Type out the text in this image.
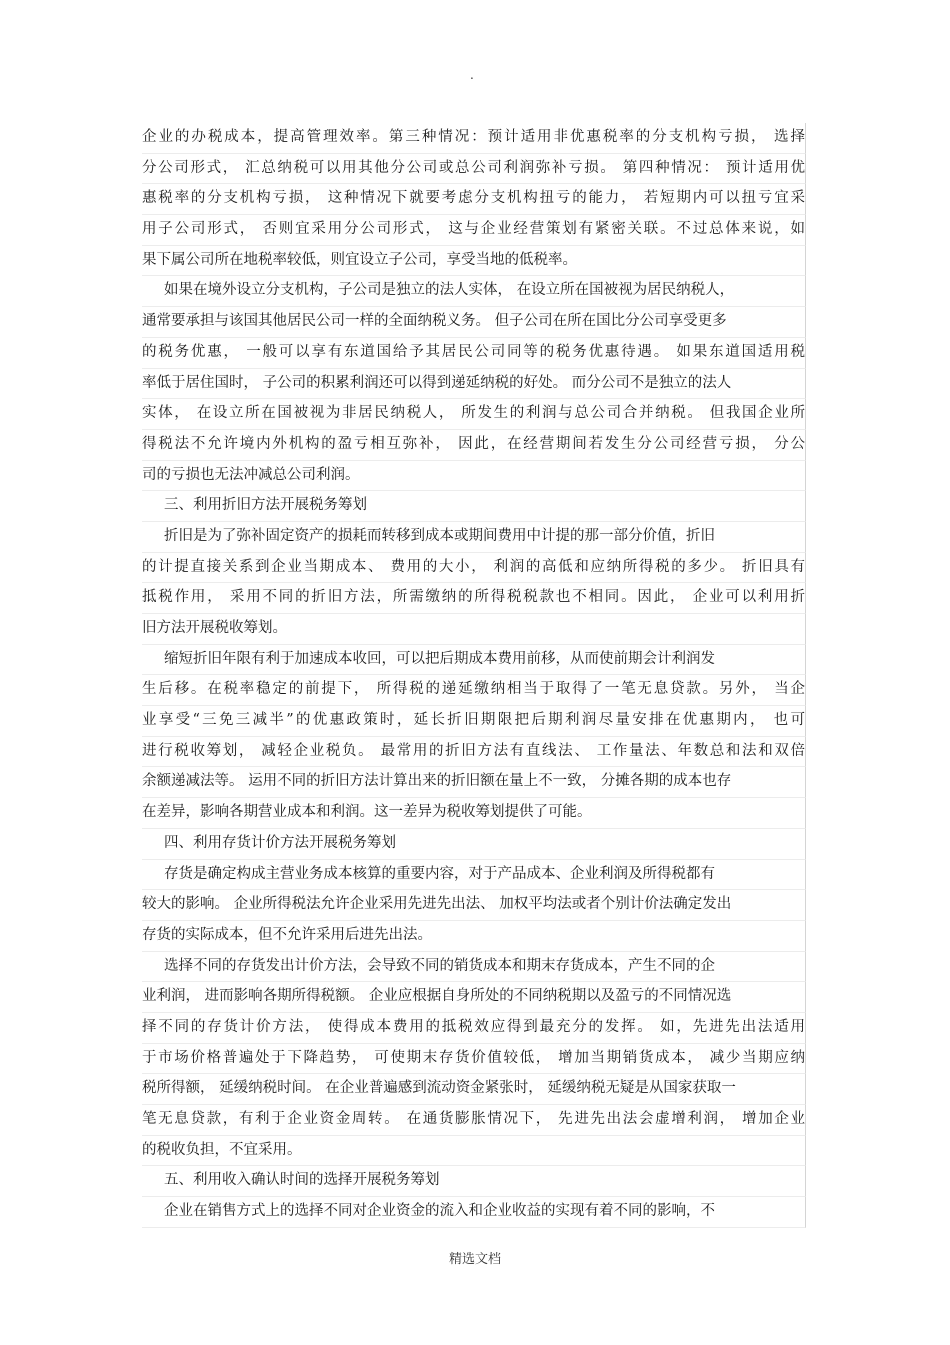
.
企业的办税成本，提高管理效率。第三种情况：预计适用非优惠税率的分支机构亏损， 选择
分公司形式， 汇总纳税可以用其他分公司或总公司利润弥补亏损。 第四种情况： 预计适用优
惠税率的分支机构亏损， 这种情况下就要考虑分支机构扭亏的能力， 若短期内可以扭亏宜采
用子公司形式， 否则宜采用分公司形式， 这与企业经营策划有紧密关联。不过总体来说，如
果下属公司所在地税率较低，则宜设立子公司，享受当地的低税率。
如果在境外设立分支机构，子公司是独立的法人实体， 在设立所在国被视为居民纳税人，
通常要承担与该国其他居民公司一样的全面纳税义务。 但子公司在所在国比分公司享受更多
的税务优惠， 一般可以享有东道国给予其居民公司同等的税务优惠待遇。 如果东道国适用税
率低于居住国时， 子公司的积累利润还可以得到递延纳税的好处。 而分公司不是独立的法人
实体， 在设立所在国被视为非居民纳税人， 所发生的利润与总公司合并纳税。 但我国企业所
得税法不允许境内外机构的盈亏相互弥补， 因此，在经营期间若发生分公司经营亏损， 分公
司的亏损也无法冲减总公司利润。
三、利用折旧方法开展税务筹划
折旧是为了弥补固定资产的损耗而转移到成本或期间费用中计提的那一部分价值，折旧
的计提直接关系到企业当期成本、 费用的大小， 利润的高低和应纳所得税的多少。 折旧具有
抵税作用， 采用不同的折旧方法，所需缴纳的所得税税款也不相同。因此， 企业可以利用折
旧方法开展税收筹划。
缩短折旧年限有利于加速成本收回，可以把后期成本费用前移，从而使前期会计利润发
生后移。在税率稳定的前提下， 所得税的递延缴纳相当于取得了一笔无息贷款。另外， 当企
业享受“三免三减半”的优惠政策时，延长折旧期限把后期利润尽量安排在优惠期内， 也可
进行税收筹划， 减轻企业税负。 最常用的折旧方法有直线法、 工作量法、年数总和法和双倍
余额递减法等。 运用不同的折旧方法计算出来的折旧额在量上不一致， 分摊各期的成本也存
在差异，影响各期营业成本和利润。这一差异为税收筹划提供了可能。
四、利用存货计价方法开展税务筹划
存货是确定构成主营业务成本核算的重要内容，对于产品成本、企业利润及所得税都有
较大的影响。 企业所得税法允许企业采用先进先出法、 加权平均法或者个别计价法确定发出
存货的实际成本，但不允许采用后进先出法。
选择不同的存货发出计价方法，会导致不同的销货成本和期末存货成本，产生不同的企
业利润， 进而影响各期所得税额。 企业应根据自身所处的不同纳税期以及盈亏的不同情况选
择不同的存货计价方法， 使得成本费用的抵税效应得到最充分的发挥。 如，先进先出法适用
于市场价格普遍处于下降趋势， 可使期末存货价值较低， 增加当期销货成本， 减少当期应纳
税所得额， 延缓纳税时间。 在企业普遍感到流动资金紧张时， 延缓纳税无疑是从国家获取一
笔无息贷款，有利于企业资金周转。 在通货膨胀情况下， 先进先出法会虚增利润， 增加企业
的税收负担，不宜采用。
五、利用收入确认时间的选择开展税务筹划
企业在销售方式上的选择不同对企业资金的流入和企业收益的实现有着不同的影响，不
精选文档
